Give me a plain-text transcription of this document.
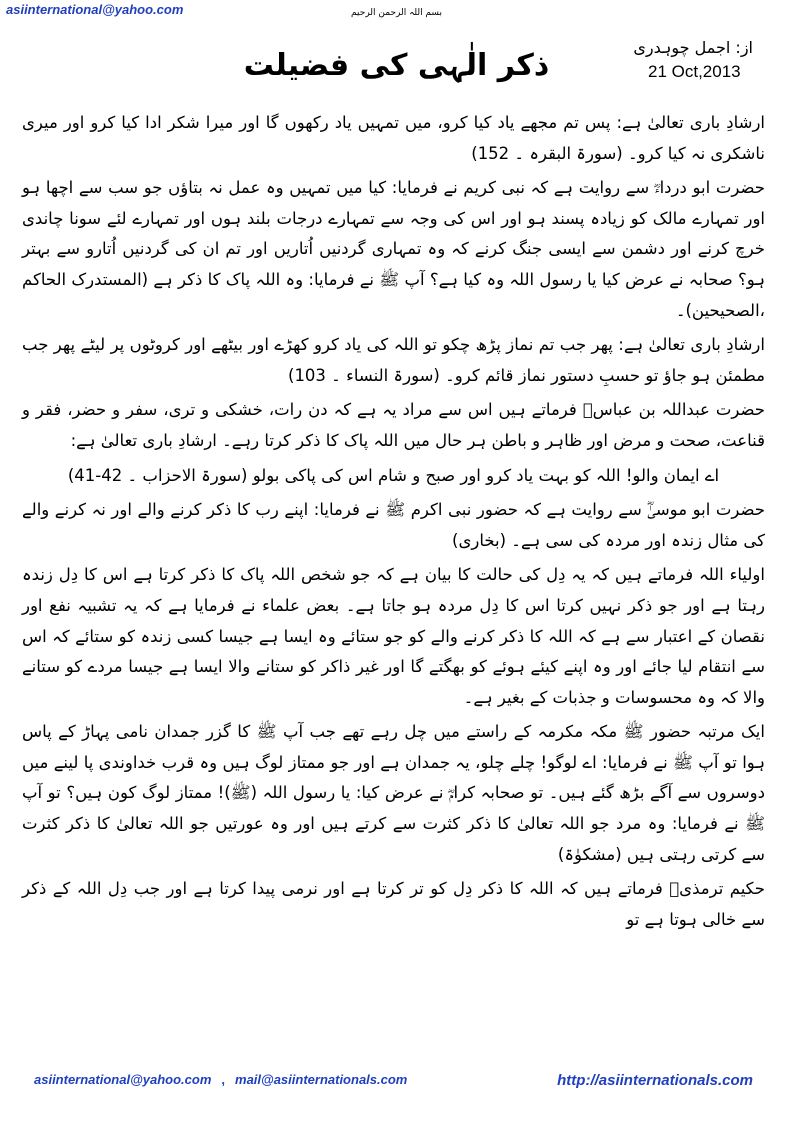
asiinternational@yahoo.com	بسم اللہ الرحمن الرحیم
از: اجمل چوہدری
ذکر الٰہی کی فضیلت	21 Oct,2013

ارشادِ باری تعالیٰ ہے: پس تم مجھے یاد کیا کرو، میں تمہیں یاد رکھوں گا اور میرا شکر ادا کیا کرو اور میری ناشکری نہ کیا کرو۔ (سورۃ البقرہ ۔ 152)

حضرت ابو درداءؓ سے روایت ہے کہ نبی کریم نے فرمایا: کیا میں تمہیں وہ عمل نہ بتاؤں جو سب سے اچھا ہو اور تمہارے مالک کو زیادہ پسند ہو اور اس کی وجہ سے تمہارے درجات بلند ہوں اور تمہارے لئے سونا چاندی خرچ کرنے اور دشمن سے ایسی جنگ کرنے کہ وہ تمہاری گردنیں اُتاریں اور تم ان کی گردنیں اُتارو سے بہتر ہو؟ صحابہ نے عرض کیا یا رسول اللہ وہ کیا ہے؟ آپ ﷺ نے فرمایا: وہ اللہ پاک کا ذکر ہے (المستدرک الحاکم ،الصحیحین)۔

ارشادِ باری تعالیٰ ہے: پھر جب تم نماز پڑھ چکو تو اللہ کی یاد کرو کھڑے اور بیٹھے اور کروٹوں پر لیٹے پھر جب مطمئن ہو جاؤ تو حسبِ دستور نماز قائم کرو۔ (سورۃ النساء ۔ 103)

حضرت عبداللہ بن عباسؓ فرماتے ہیں اس سے مراد یہ ہے کہ دن رات، خشکی و تری، سفر و حضر، فقر و قناعت، صحت و مرض اور ظاہر و باطن ہر حال میں اللہ پاک کا ذکر کرتا رہے۔ ارشادِ باری تعالیٰ ہے:

اے ایمان والو! اللہ کو بہت یاد کرو اور صبح و شام اس کی پاکی بولو (سورۃ الاحزاب ۔ 42-41)

حضرت ابو موسیٰؓ سے روایت ہے کہ حضور نبی اکرم ﷺ نے فرمایا: اپنے رب کا ذکر کرنے والے اور نہ کرنے والے کی مثال زندہ اور مردہ کی سی ہے۔ (بخاری)

اولیاء اللہ فرماتے ہیں کہ یہ دِل کی حالت کا بیان ہے کہ جو شخص اللہ پاک کا ذکر کرتا ہے اس کا دِل زندہ رہتا ہے اور جو ذکر نہیں کرتا اس کا دِل مردہ ہو جاتا ہے۔ بعض علماء نے فرمایا ہے کہ یہ تشبیہ نفع اور نقصان کے اعتبار سے ہے کہ اللہ کا ذکر کرنے والے کو جو ستائے وہ ایسا ہے جیسا کسی زندہ کو ستائے کہ اس سے انتقام لیا جائے اور وہ اپنے کیئے ہوئے کو بھگتے گا اور غیر ذاکر کو ستانے والا ایسا ہے جیسا مردے کو ستانے والا کہ وہ محسوسات و جذبات کے بغیر ہے۔

ایک مرتبہ حضور ﷺ مکہ مکرمہ کے راستے میں چل رہے تھے جب آپ ﷺ کا گزر جمدان نامی پہاڑ کے پاس ہوا تو آپ ﷺ نے فرمایا: اے لوگو! چلے چلو، یہ جمدان ہے اور جو ممتاز لوگ ہیں وہ قرب خداوندی پا لینے میں دوسروں سے آگے بڑھ گئے ہیں۔ تو صحابہ کرامؓ نے عرض کیا: یا رسول اللہ (ﷺ)! ممتاز لوگ کون ہیں؟ تو آپ ﷺ نے فرمایا: وہ مرد جو اللہ تعالیٰ کا ذکر کثرت سے کرتے ہیں اور وہ عورتیں جو اللہ تعالیٰ کا ذکر کثرت سے کرتی رہتی ہیں (مشکوٰۃ)

حکیم ترمذیؒ فرماتے ہیں کہ اللہ کا ذکر دِل کو تر کرتا ہے اور نرمی پیدا کرتا ہے اور جب دِل اللہ کے ذکر سے خالی ہوتا ہے تو

asiinternational@yahoo.com , mail@asiinternationals.com	http://asiinternationals.com
